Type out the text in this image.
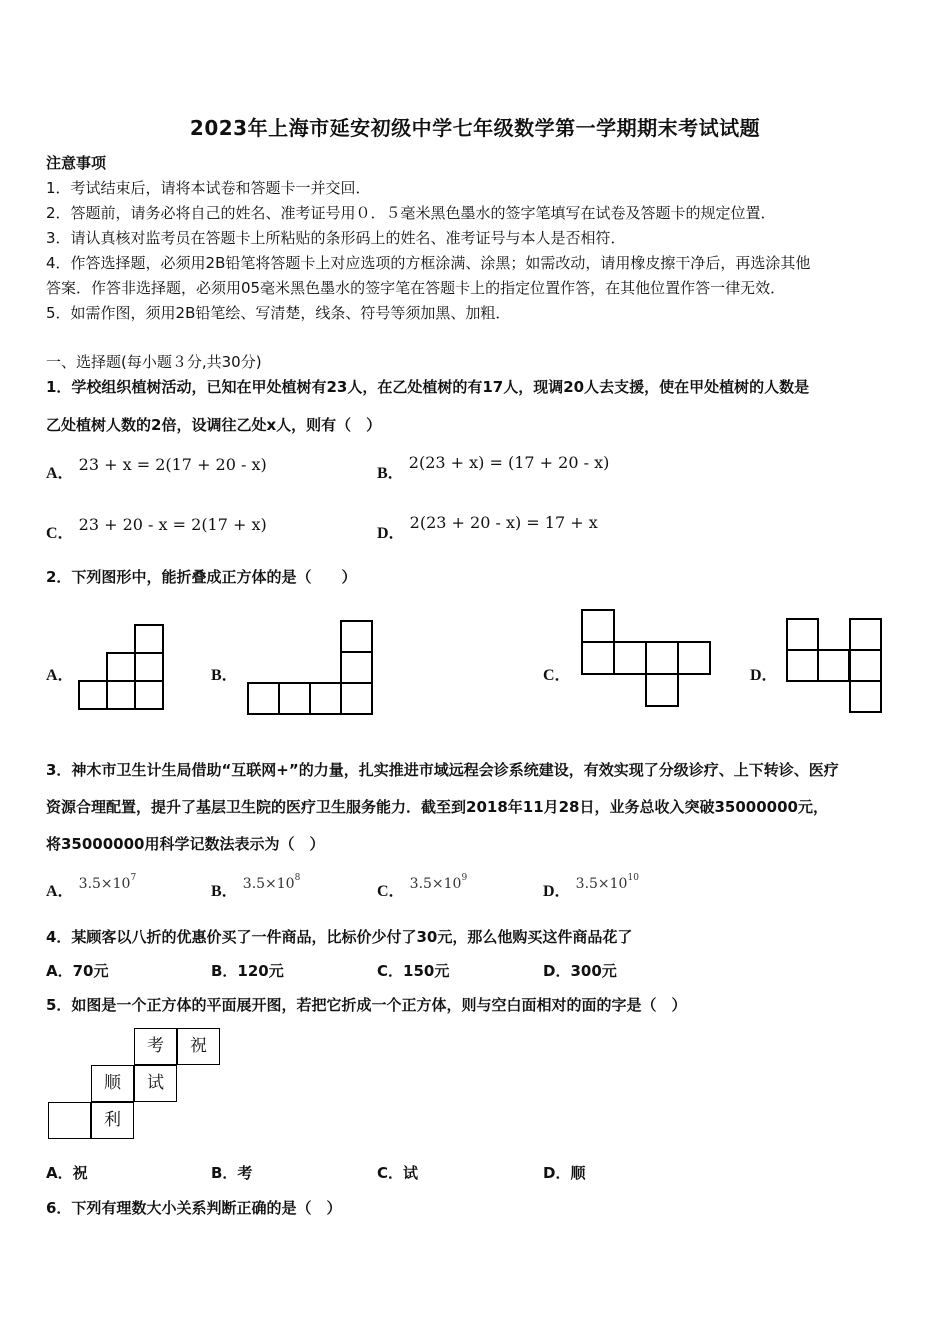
2023年上海市延安初级中学七年级数学第一学期期末考试试题
注意事项
1．考试结束后，请将本试卷和答题卡一并交回．
2．答题前，请务必将自己的姓名、准考证号用０．５毫米黑色墨水的签字笔填写在试卷及答题卡的规定位置．
3．请认真核对监考员在答题卡上所粘贴的条形码上的姓名、准考证号与本人是否相符．
4．作答选择题，必须用2B铅笔将答题卡上对应选项的方框涂满、涂黑；如需改动，请用橡皮擦干净后，再选涂其他
答案．作答非选择题，必须用05毫米黑色墨水的签字笔在答题卡上的指定位置作答，在其他位置作答一律无效．
5．如需作图，须用2B铅笔绘、写清楚，线条、符号等须加黑、加粗．
一、选择题(每小题３分,共30分)
1．学校组织植树活动，已知在甲处植树有23人，在乙处植树的有17人，现调20人去支援，使在甲处植树的人数是
乙处植树人数的2倍，设调往乙处x人，则有（　）
A． 23 + x = 2(17 + 20 - x)	B． 2(23 + x) = (17 + 20 - x)
C． 23 + 20 - x = 2(17 + x)	D． 2(23 + 20 - x) = 17 + x
2．下列图形中，能折叠成正方体的是（　　）
A．	B．	C．	D．
3．神木市卫生计生局借助“互联网+”的力量，扎实推进市域远程会诊系统建设，有效实现了分级诊疗、上下转诊、医疗
资源合理配置，提升了基层卫生院的医疗卫生服务能力．截至到2018年11月28日，业务总收入突破35000000元，
将35000000用科学记数法表示为（　）
A． $3.5\times 10^7$
B． $3.5\times 10^8$
C． $3.5\times 10^9$
D． $3.5\times 10^{10}$
4．某顾客以八折的优惠价买了一件商品，比标价少付了30元，那么他购买这件商品花了
A．70元	B．120元	C．150元	D．300元
5．如图是一个正方体的平面展开图，若把它折成一个正方体，则与空白面相对的面的字是（　）
考	祝
顺	试
利
A．祝	B．考	C．试	D．顺
6．下列有理数大小关系判断正确的是（　）
